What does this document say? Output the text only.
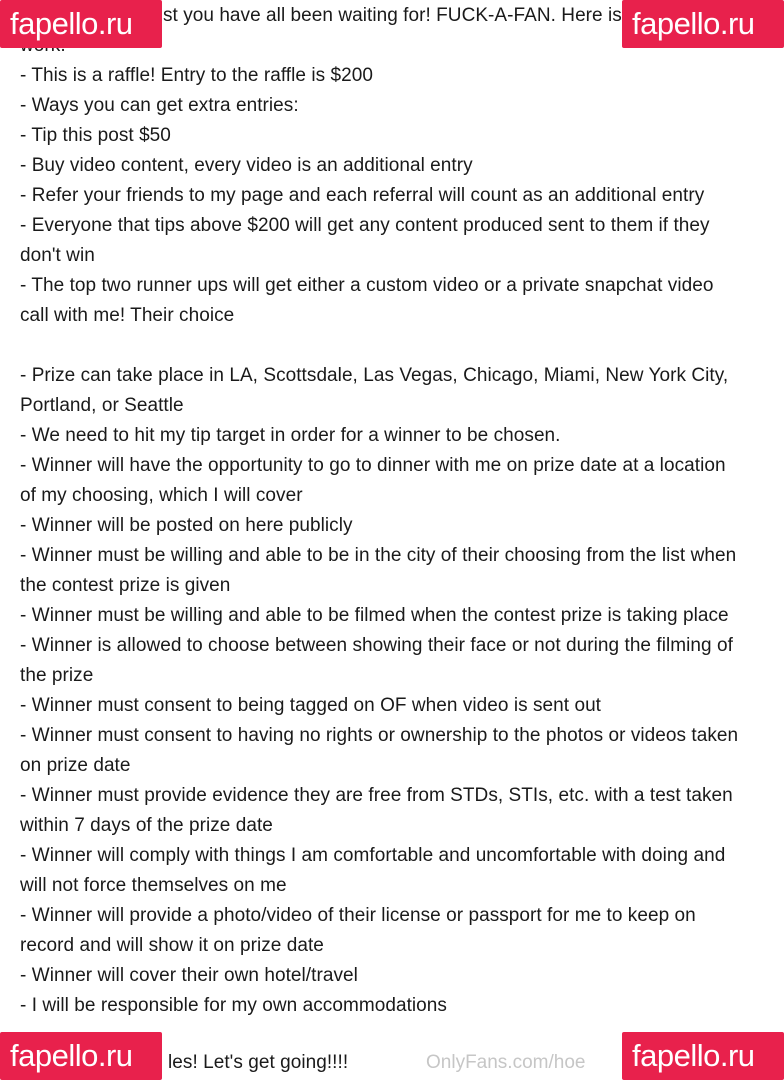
st you have all been waiting for! FUCK-A-FAN. Here is
- This is a raffle! Entry to the raffle is $200
- Ways you can get extra entries:
- Tip this post $50
- Buy video content, every video is an additional entry
- Refer your friends to my page and each referral will count as an additional entry
- Everyone that tips above $200 will get any content produced sent to them if they
don't win
- The top two runner ups will get either a custom video or a private snapchat video
call with me! Their choice
- Prize can take place in LA, Scottsdale, Las Vegas, Chicago, Miami, New York City,
Portland, or Seattle
- We need to hit my tip target in order for a winner to be chosen.
- Winner will have the opportunity to go to dinner with me on prize date at a location
of my choosing, which I will cover
- Winner will be posted on here publicly
- Winner must be willing and able to be in the city of their choosing from the list when
the contest prize is given
- Winner must be willing and able to be filmed when the contest prize is taking place
- Winner is allowed to choose between showing their face or not during the filming of
the prize
- Winner must consent to being tagged on OF when video is sent out
- Winner must consent to having no rights or ownership to the photos or videos taken
on prize date
- Winner must provide evidence they are free from STDs, STIs, etc. with a test taken
within 7 days of the prize date
- Winner will comply with things I am comfortable and uncomfortable with doing and
will not force themselves on me
- Winner will provide a photo/video of their license or passport for me to keep on
record and will show it on prize date
- Winner will cover their own hotel/travel
- I will be responsible for my own accommodations
les! Let's get going!!!!	OnlyFans.com/hoe
fapello.ru	fapello.ru
fapello.ru	fapello.ru
